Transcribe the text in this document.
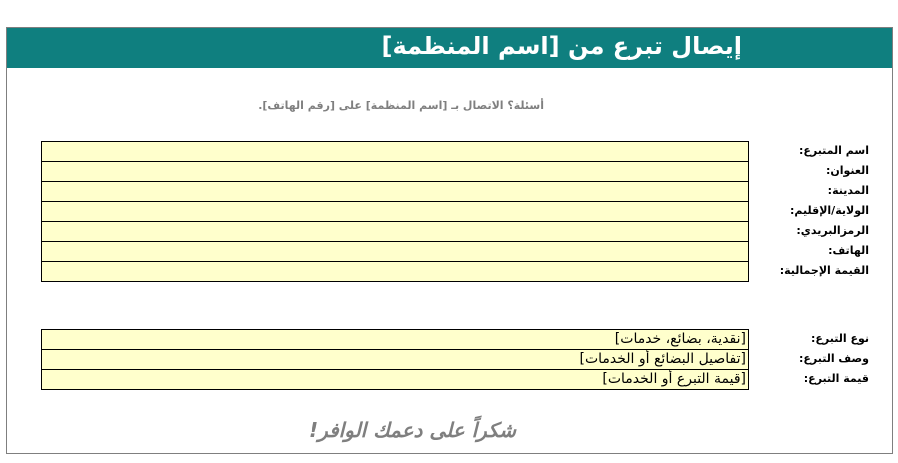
إيصال تبرع من [اسم المنظمة]
أسئلة؟ الاتصال بـ [اسم المنظمة] على [رقم الهاتف].
اسم المتبرع:
العنوان:
المدينة:
الولاية/الإقليم:
الرمزالبريدي:
الهاتف:
القيمة الإجمالية:
[نقدية، بضائع، خدمات]
[تفاصيل البضائع أو الخدمات]
[قيمة التبرع أو الخدمات]
نوع التبرع:
وصف التبرع:
قيمة التبرع:
شكراً على دعمك الوافر!
